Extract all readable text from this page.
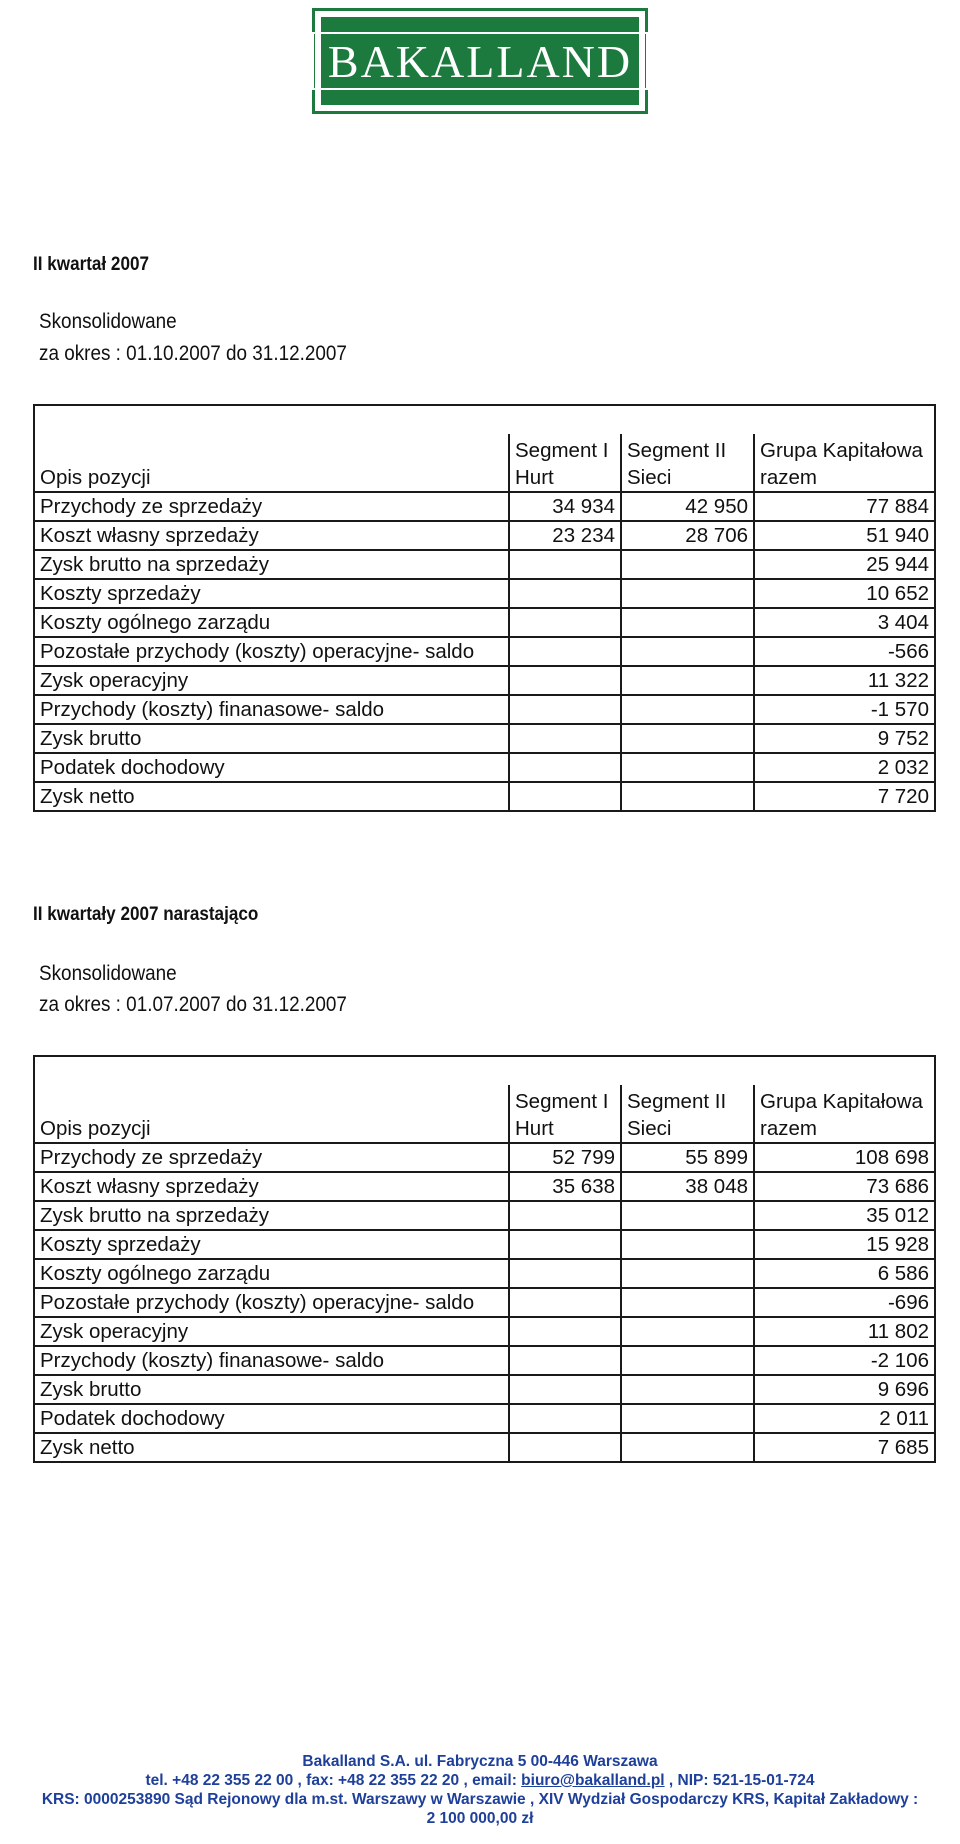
BAKALLAND
II kwartał 2007
Skonsolidowane
za okres : 01.10.2007 do 31.12.2007

	Segment I	Segment II	Grupa Kapitałowa
Opis pozycji	Hurt	Sieci	razem
Przychody ze sprzedaży	34 934	42 950	77 884
Koszt własny sprzedaży	23 234	28 706	51 940
Zysk brutto na sprzedaży			25 944
Koszty sprzedaży			10 652
Koszty ogólnego zarządu			3 404
Pozostałe przychody (koszty) operacyjne- saldo			-566
Zysk operacyjny			11 322
Przychody (koszty) finanasowe- saldo			-1 570
Zysk brutto			9 752
Podatek dochodowy			2 032
Zysk netto			7 720
II kwartały 2007 narastająco
Skonsolidowane
za okres : 01.07.2007 do 31.12.2007

	Segment I	Segment II	Grupa Kapitałowa
Opis pozycji	Hurt	Sieci	razem
Przychody ze sprzedaży	52 799	55 899	108 698
Koszt własny sprzedaży	35 638	38 048	73 686
Zysk brutto na sprzedaży			35 012
Koszty sprzedaży			15 928
Koszty ogólnego zarządu			6 586
Pozostałe przychody (koszty) operacyjne- saldo			-696
Zysk operacyjny			11 802
Przychody (koszty) finanasowe- saldo			-2 106
Zysk brutto			9 696
Podatek dochodowy			2 011
Zysk netto			7 685
Bakalland S.A. ul. Fabryczna 5 00-446 Warszawa
tel. +48 22 355 22 00 , fax: +48 22 355 22 20 , email: biuro@bakalland.pl , NIP: 521-15-01-724
KRS: 0000253890 Sąd Rejonowy dla m.st. Warszawy w Warszawie , XIV Wydział Gospodarczy KRS, Kapitał Zakładowy :
2 100 000,00 zł
